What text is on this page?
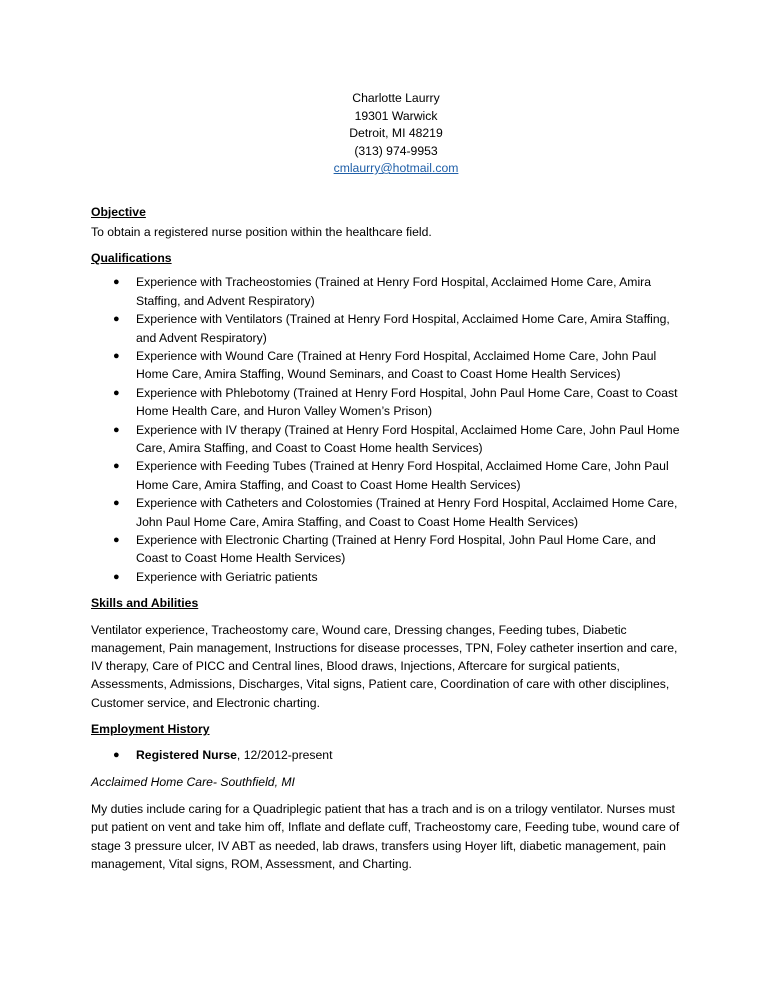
Charlotte Laurry
19301 Warwick
Detroit, MI 48219
(313) 974-9953
cmlaurry@hotmail.com
Objective

To obtain a registered nurse position within the healthcare field.

Qualifications
● Experience with Tracheostomies (Trained at Henry Ford Hospital, Acclaimed Home Care, Amira Staffing, and Advent Respiratory)
● Experience with Ventilators (Trained at Henry Ford Hospital, Acclaimed Home Care, Amira Staffing, and Advent Respiratory)
● Experience with Wound Care (Trained at Henry Ford Hospital, Acclaimed Home Care, John Paul Home Care, Amira Staffing, Wound Seminars, and Coast to Coast Home Health Services)
● Experience with Phlebotomy (Trained at Henry Ford Hospital, John Paul Home Care, Coast to Coast Home Health Care, and Huron Valley Women’s Prison)
● Experience with IV therapy (Trained at Henry Ford Hospital, Acclaimed Home Care, John Paul Home Care, Amira Staffing, and Coast to Coast Home health Services)
● Experience with Feeding Tubes (Trained at Henry Ford Hospital, Acclaimed Home Care, John Paul Home Care, Amira Staffing, and Coast to Coast Home Health Services)
● Experience with Catheters and Colostomies (Trained at Henry Ford Hospital, Acclaimed Home Care, John Paul Home Care, Amira Staffing, and Coast to Coast Home Health Services)
● Experience with Electronic Charting (Trained at Henry Ford Hospital, John Paul Home Care, and Coast to Coast Home Health Services)
● Experience with Geriatric patients
Skills and Abilities

Ventilator experience, Tracheostomy care, Wound care, Dressing changes, Feeding tubes, Diabetic management, Pain management, Instructions for disease processes, TPN, Foley catheter insertion and care, IV therapy, Care of PICC and Central lines, Blood draws, Injections, Aftercare for surgical patients, Assessments, Admissions, Discharges, Vital signs, Patient care, Coordination of care with other disciplines, Customer service, and Electronic charting.

Employment History

● Registered Nurse, 12/2012-present

Acclaimed Home Care- Southfield, MI

My duties include caring for a Quadriplegic patient that has a trach and is on a trilogy ventilator. Nurses must put patient on vent and take him off, Inflate and deflate cuff, Tracheostomy care, Feeding tube, wound care of stage 3 pressure ulcer, IV ABT as needed, lab draws, transfers using Hoyer lift, diabetic management, pain management, Vital signs, ROM, Assessment, and Charting.
